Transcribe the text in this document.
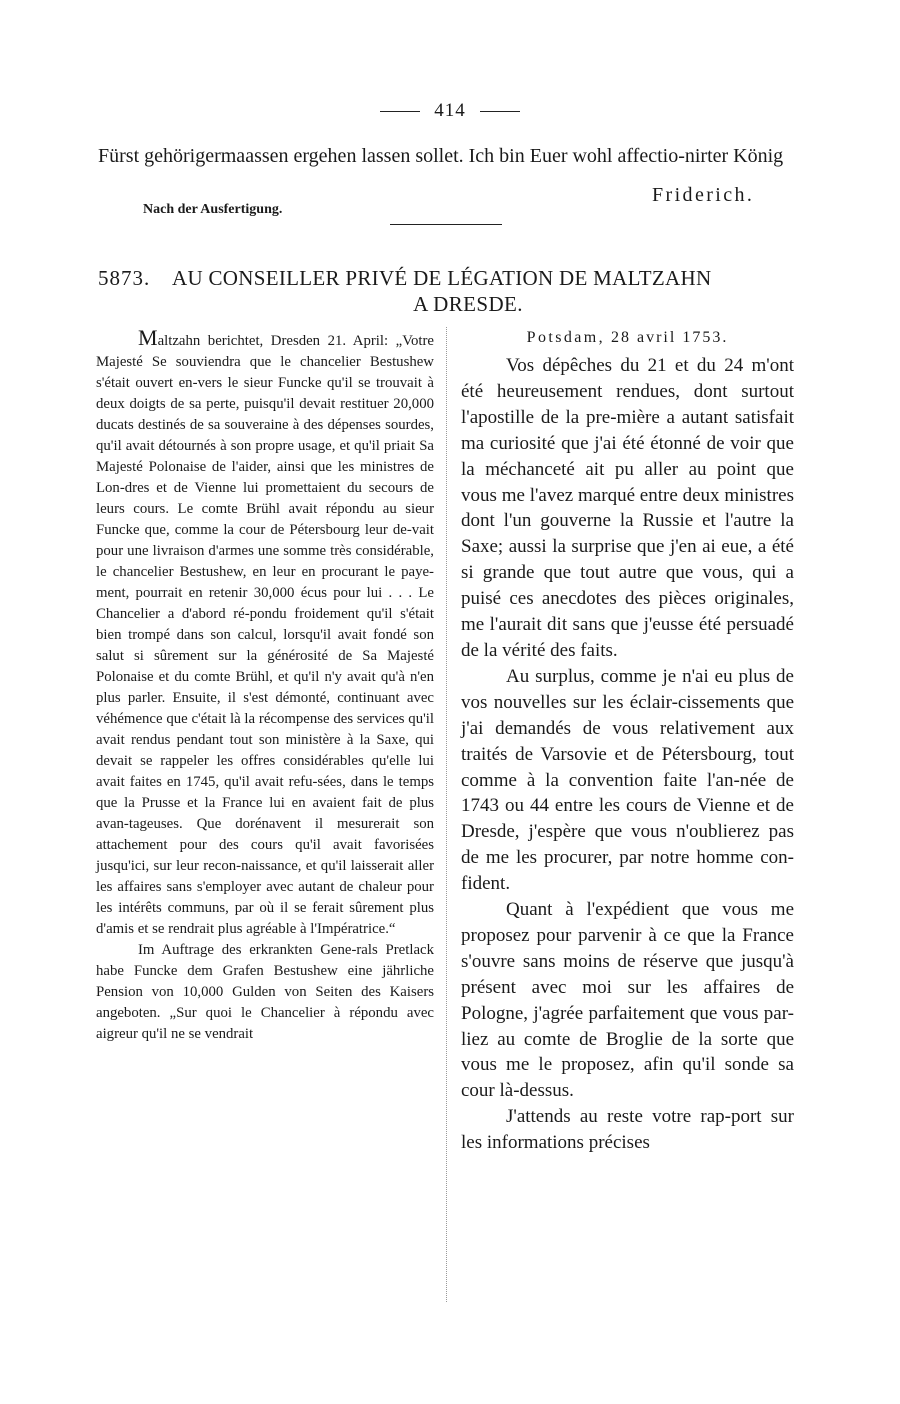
414
Fürst gehörigermaassen ergehen lassen sollet. Ich bin Euer wohl affectio-nirter König
Friderich.
Nach der Ausfertigung.
5873. AU CONSEILLER PRIVÉ DE LÉGATION DE MALTZAHN
A DRESDE.

Maltzahn berichtet, Dresden 21. April: „Votre Majesté Se souviendra que le chancelier Bestushew s'était ouvert en-vers le sieur Funcke qu'il se trouvait à deux doigts de sa perte, puisqu'il devait restituer 20,000 ducats destinés de sa souveraine à des dépenses sourdes, qu'il avait détournés à son propre usage, et qu'il priait Sa Majesté Polonaise de l'aider, ainsi que les ministres de Lon-dres et de Vienne lui promettaient du secours de leurs cours. Le comte Brühl avait répondu au sieur Funcke que, comme la cour de Pétersbourg leur de-vait pour une livraison d'armes une somme très considérable, le chancelier Bestushew, en leur en procurant le paye-ment, pourrait en retenir 30,000 écus pour lui . . . Le Chancelier a d'abord ré-pondu froidement qu'il s'était bien trompé dans son calcul, lorsqu'il avait fondé son salut si sûrement sur la générosité de Sa Majesté Polonaise et du comte Brühl, et qu'il n'y avait qu'à n'en plus parler. Ensuite, il s'est démonté, continuant avec véhémence que c'était là la récompense des services qu'il avait rendus pendant tout son ministère à la Saxe, qui devait se rappeler les offres considérables qu'elle lui avait faites en 1745, qu'il avait refu-sées, dans le temps que la Prusse et la France lui en avaient fait de plus avan-tageuses. Que dorénavent il mesurerait son attachement pour des cours qu'il avait favorisées jusqu'ici, sur leur recon-naissance, et qu'il laisserait aller les affaires sans s'employer avec autant de chaleur pour les intérêts communs, par où il se ferait sûrement plus d'amis et se rendrait plus agréable à l'Impératrice.“

Im Auftrage des erkrankten Gene-rals Pretlack habe Funcke dem Grafen Bestushew eine jährliche Pension von 10,000 Gulden von Seiten des Kaisers angeboten. „Sur quoi le Chancelier à répondu avec aigreur qu'il ne se vendrait

Potsdam, 28 avril 1753.

Vos dépêches du 21 et du 24 m'ont été heureusement rendues, dont surtout l'apostille de la pre-mière a autant satisfait ma curiosité que j'ai été étonné de voir que la méchanceté ait pu aller au point que vous me l'avez marqué entre deux ministres dont l'un gouverne la Russie et l'autre la Saxe; aussi la surprise que j'en ai eue, a été si grande que tout autre que vous, qui a puisé ces anecdotes des pièces originales, me l'aurait dit sans que j'eusse été persuadé de la vérité des faits.

Au surplus, comme je n'ai eu plus de vos nouvelles sur les éclair-cissements que j'ai demandés de vous relativement aux traités de Varsovie et de Pétersbourg, tout comme à la convention faite l'an-née de 1743 ou 44 entre les cours de Vienne et de Dresde, j'espère que vous n'oublierez pas de me les procurer, par notre homme con-fident.

Quant à l'expédient que vous me proposez pour parvenir à ce que la France s'ouvre sans moins de réserve que jusqu'à présent avec moi sur les affaires de Pologne, j'agrée parfaitement que vous par-liez au comte de Broglie de la sorte que vous me le proposez, afin qu'il sonde sa cour là-dessus.

J'attends au reste votre rap-port sur les informations précises
